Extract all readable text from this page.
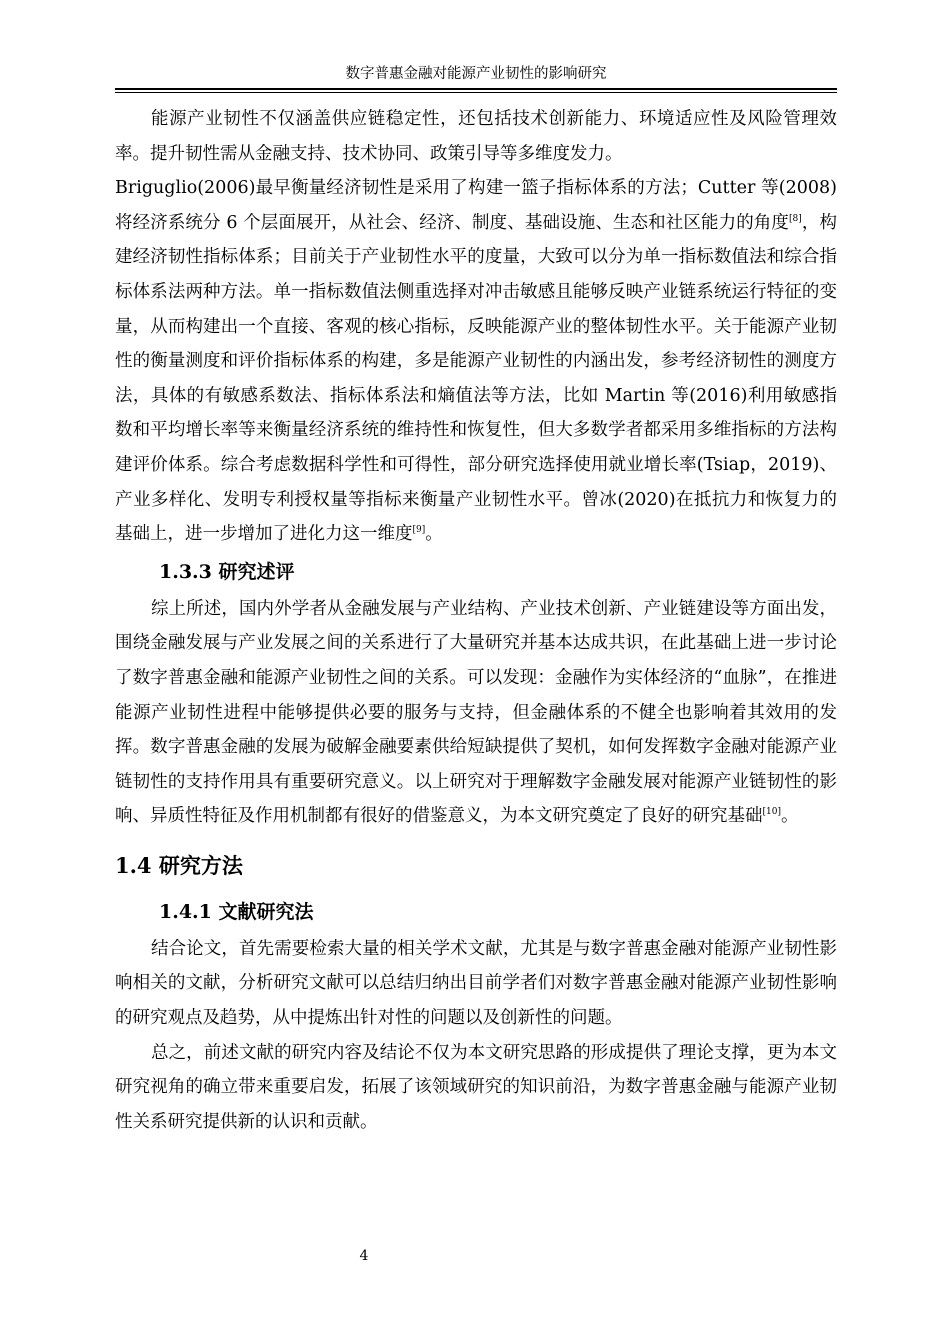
数字普惠金融对能源产业韧性的影响研究

能源产业韧性不仅涵盖供应链稳定性，还包括技术创新能力、环境适应性及风险管理效率。提升韧性需从金融支持、技术协同、政策引导等多维度发力。

Briguglio(2006)最早衡量经济韧性是采用了构建一篮子指标体系的方法；Cutter 等(2008)将经济系统分 6 个层面展开，从社会、经济、制度、基础设施、生态和社区能力的角度[8]，构建经济韧性指标体系；目前关于产业韧性水平的度量，大致可以分为单一指标数值法和综合指标体系法两种方法。单一指标数值法侧重选择对冲击敏感且能够反映产业链系统运行特征的变量，从而构建出一个直接、客观的核心指标，反映能源产业的整体韧性水平。关于能源产业韧性的衡量测度和评价指标体系的构建，多是能源产业韧性的内涵出发，参考经济韧性的测度方法，具体的有敏感系数法、指标体系法和熵值法等方法，比如 Martin 等(2016)利用敏感指数和平均增长率等来衡量经济系统的维持性和恢复性，但大多数学者都采用多维指标的方法构建评价体系。综合考虑数据科学性和可得性，部分研究选择使用就业增长率(Tsiap，2019)、产业多样化、发明专利授权量等指标来衡量产业韧性水平。曾冰(2020)在抵抗力和恢复力的基础上，进一步增加了进化力这一维度[9]。

1.3.3 研究述评

综上所述，国内外学者从金融发展与产业结构、产业技术创新、产业链建设等方面出发，围绕金融发展与产业发展之间的关系进行了大量研究并基本达成共识，在此基础上进一步讨论了数字普惠金融和能源产业韧性之间的关系。可以发现：金融作为实体经济的“血脉”，在推进能源产业韧性进程中能够提供必要的服务与支持，但金融体系的不健全也影响着其效用的发挥。数字普惠金融的发展为破解金融要素供给短缺提供了契机，如何发挥数字金融对能源产业链韧性的支持作用具有重要研究意义。以上研究对于理解数字金融发展对能源产业链韧性的影响、异质性特征及作用机制都有很好的借鉴意义，为本文研究奠定了良好的研究基础[10]。

1.4 研究方法
1.4.1 文献研究法

结合论文，首先需要检索大量的相关学术文献，尤其是与数字普惠金融对能源产业韧性影响相关的文献，分析研究文献可以总结归纳出目前学者们对数字普惠金融对能源产业韧性影响的研究观点及趋势，从中提炼出针对性的问题以及创新性的问题。

总之，前述文献的研究内容及结论不仅为本文研究思路的形成提供了理论支撑，更为本文研究视角的确立带来重要启发，拓展了该领域研究的知识前沿，为数字普惠金融与能源产业韧性关系研究提供新的认识和贡献。

4
